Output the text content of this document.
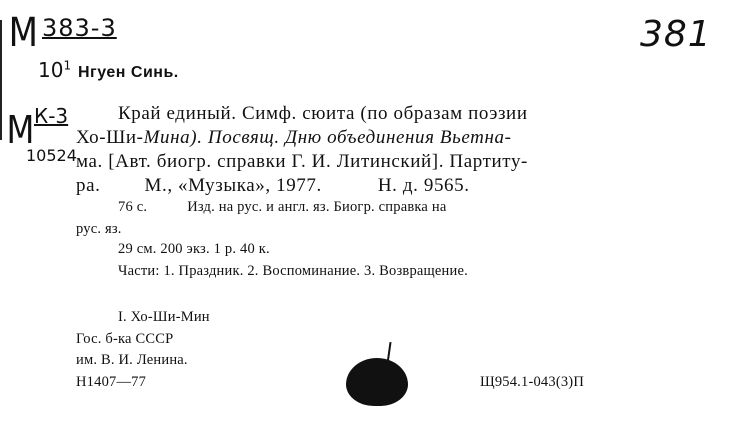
М 383-3
$10^1$
381
Нгуен Синь.
М К-3
10524
Край единый. Симф. сюита (по образам поэзии
Хо-Ши-Мина). Посвящ. Дню объединения Вьетна-
ма. [Авт. биогр. справки Г. И. Литинский]. Партиту-
ра. М., «Музыка», 1977.	Н. д. 9565.
76 с.	Изд. на рус. и англ. яз. Биогр. справка на
рус. яз.
29 см. 200 экз. 1 р. 40 к.
Части: 1. Праздник. 2. Воспоминание. 3. Возвращение.
I. Хо-Ши-Мин
Гос. б-ка СССР
им. В. И. Ленина.
Н1407—77	Щ954.1-043(3)П
